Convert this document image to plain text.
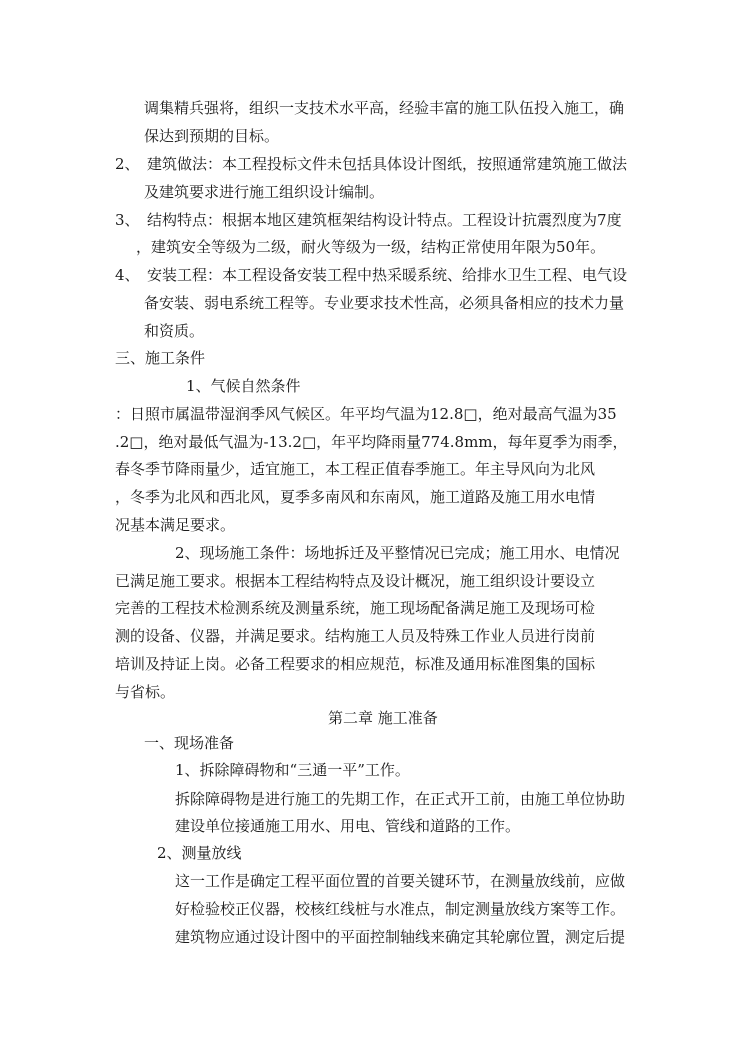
调集精兵强将，组织一支技术水平高，经验丰富的施工队伍投入施工，确
保达到预期的目标。
2、　建筑做法：本工程投标文件未包括具体设计图纸，按照通常建筑施工做法
及建筑要求进行施工组织设计编制。
3、　结构特点：根据本地区建筑框架结构设计特点。工程设计抗震烈度为7度
，建筑安全等级为二级，耐火等级为一级，结构正常使用年限为50年。
4、　安装工程：本工程设备安装工程中热采暖系统、给排水卫生工程、电气设
备安装、弱电系统工程等。专业要求技术性高，必须具备相应的技术力量
和资质。
三、施工条件
1、气候自然条件
：日照市属温带湿润季风气候区。年平均气温为12.8□，绝对最高气温为35
.2□，绝对最低气温为-13.2□，年平均降雨量774.8mm，每年夏季为雨季，
春冬季节降雨量少，适宜施工，本工程正值春季施工。年主导风向为北风
，冬季为北风和西北风，夏季多南风和东南风，施工道路及施工用水电情
况基本满足要求。
2、现场施工条件：场地拆迁及平整情况已完成；施工用水、电情况
已满足施工要求。根据本工程结构特点及设计概况，施工组织设计要设立
完善的工程技术检测系统及测量系统，施工现场配备满足施工及现场可检
测的设备、仪器，并满足要求。结构施工人员及特殊工作业人员进行岗前
培训及持证上岗。必备工程要求的相应规范，标准及通用标准图集的国标
与省标。
第二章 施工准备
一、现场准备
1、拆除障碍物和“三通一平”工作。
拆除障碍物是进行施工的先期工作，在正式开工前，由施工单位协助
建设单位接通施工用水、用电、管线和道路的工作。
2、测量放线
这一工作是确定工程平面位置的首要关键环节，在测量放线前，应做
好检验校正仪器，校核红线桩与水准点，制定测量放线方案等工作。
建筑物应通过设计图中的平面控制轴线来确定其轮廓位置，测定后提
